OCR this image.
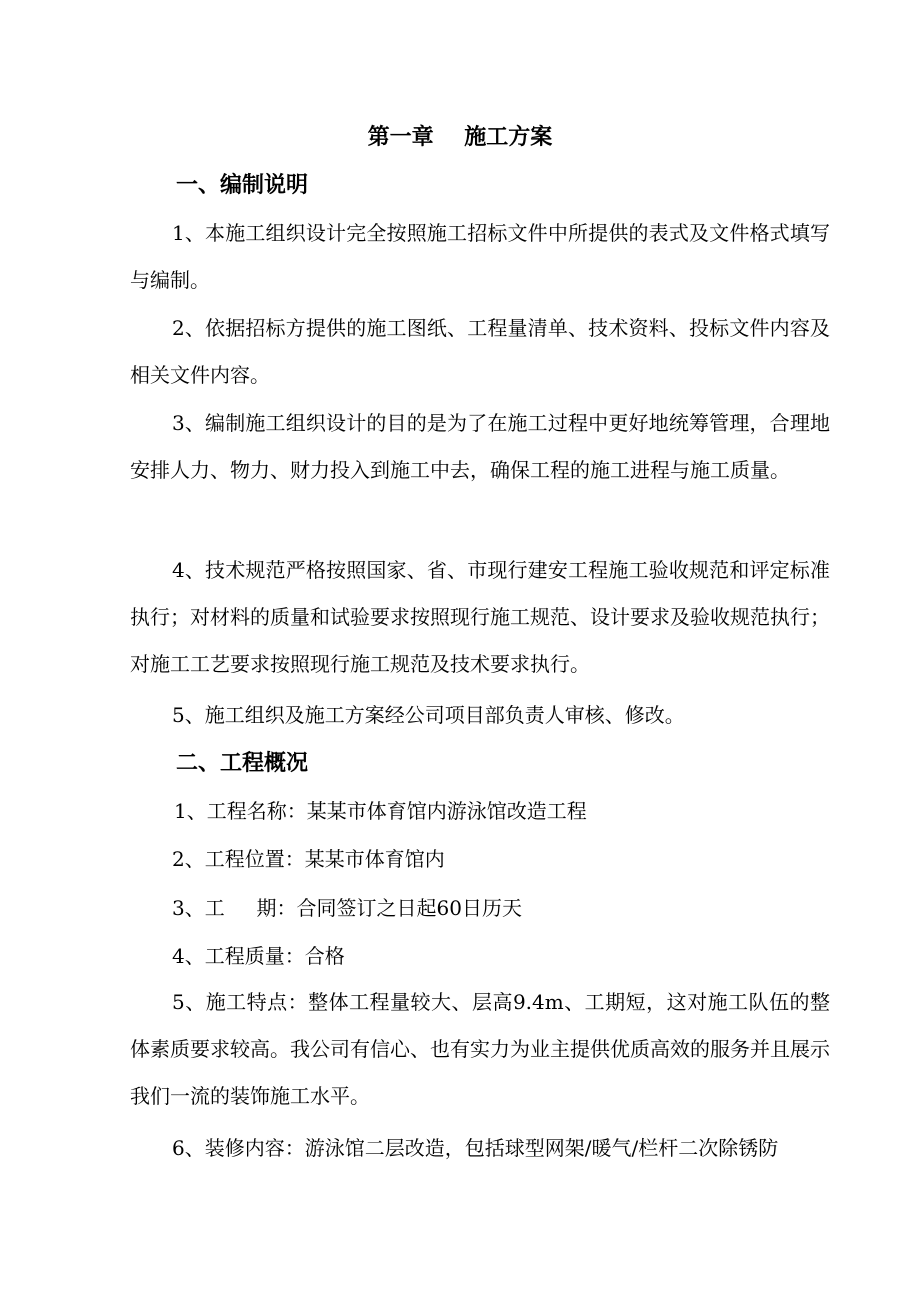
第一章    施工方案
一、编制说明

1、本施工组织设计完全按照施工招标文件中所提供的表式及文件格式填写与编制。

2、依据招标方提供的施工图纸、工程量清单、技术资料、投标文件内容及相关文件内容。

3、编制施工组织设计的目的是为了在施工过程中更好地统筹管理，合理地安排人力、物力、财力投入到施工中去，确保工程的施工进程与施工质量。

4、技术规范严格按照国家、省、市现行建安工程施工验收规范和评定标准执行；对材料的质量和试验要求按照现行施工规范、设计要求及验收规范执行；对施工工艺要求按照现行施工规范及技术要求执行。

5、施工组织及施工方案经公司项目部负责人审核、修改。

二、工程概况
1、工程名称：某某市体育馆内游泳馆改造工程
2、工程位置：某某市体育馆内
3、工     期：合同签订之日起60日历天
4、工程质量：合格

5、施工特点：整体工程量较大、层高9.4m、工期短，这对施工队伍的整体素质要求较高。我公司有信心、也有实力为业主提供优质高效的服务并且展示我们一流的装饰施工水平。

6、装修内容：游泳馆二层改造，包括球型网架/暖气/栏杆二次除锈防
